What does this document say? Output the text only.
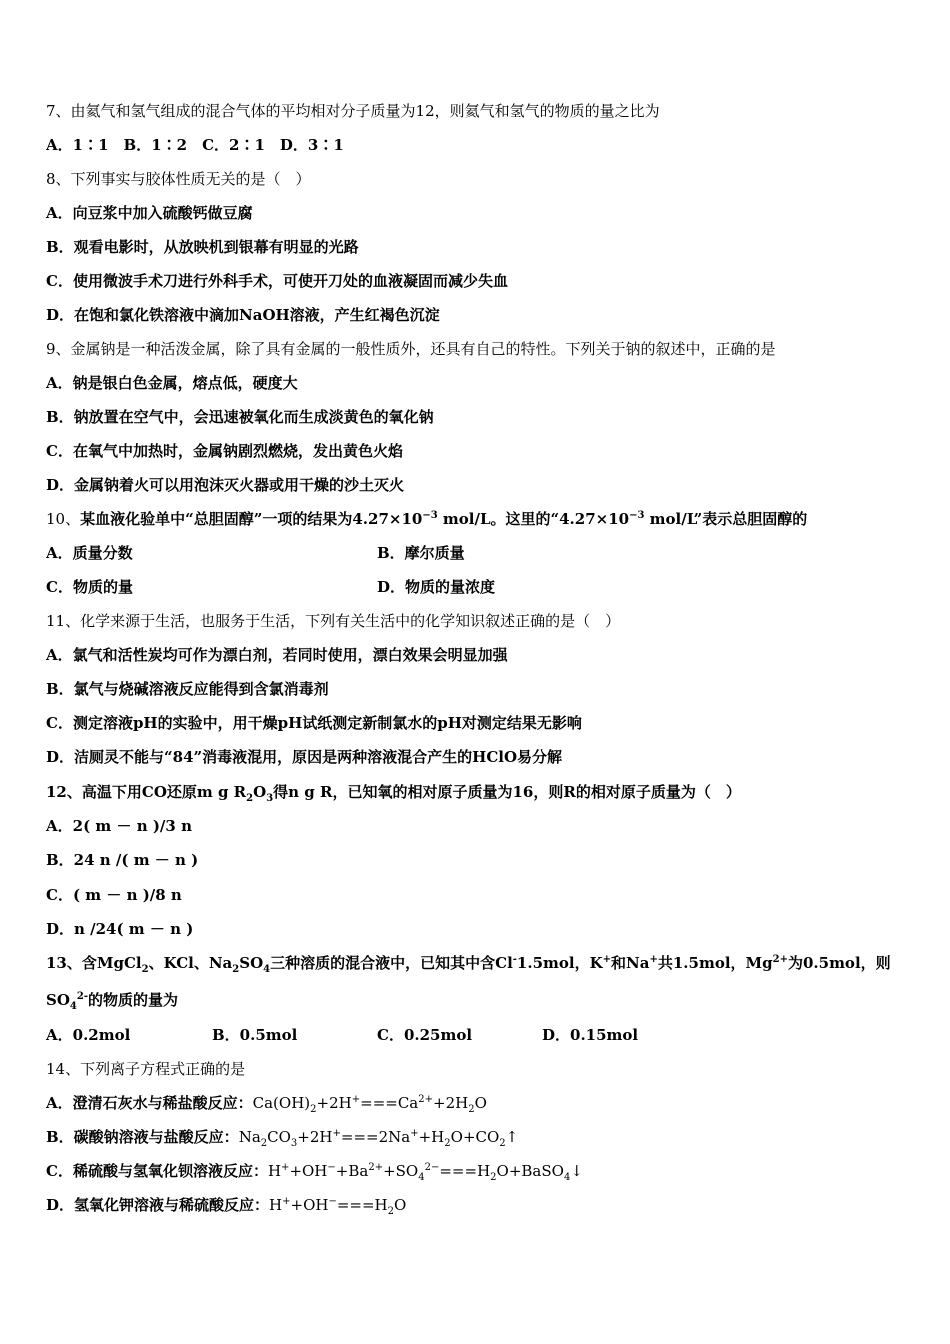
7、由氦气和氢气组成的混合气体的平均相对分子质量为12，则氦气和氢气的物质的量之比为
A．1∶1　B．1∶2　C．2∶1　D．3∶1
8、下列事实与胶体性质无关的是（　）
A．向豆浆中加入硫酸钙做豆腐
B．观看电影时，从放映机到银幕有明显的光路
C．使用微波手术刀进行外科手术，可使开刀处的血液凝固而减少失血
D．在饱和氯化铁溶液中滴加NaOH溶液，产生红褐色沉淀
9、金属钠是一种活泼金属，除了具有金属的一般性质外，还具有自己的特性。下列关于钠的叙述中，正确的是
A．钠是银白色金属，熔点低，硬度大
B．钠放置在空气中，会迅速被氧化而生成淡黄色的氧化钠
C．在氧气中加热时，金属钠剧烈燃烧，发出黄色火焰
D．金属钠着火可以用泡沫灭火器或用干燥的沙土灭火
10、某血液化验单中“总胆固醇”一项的结果为$4.27\times 10^{-3}$ mol/L。这里的“$4.27\times 10^{-3}$ mol/L”表示总胆固醇的
A．质量分数	B．摩尔质量
C．物质的量	D．物质的量浓度
11、化学来源于生活，也服务于生活，下列有关生活中的化学知识叙述正确的是（　）
A．氯气和活性炭均可作为漂白剂，若同时使用，漂白效果会明显加强
B．氯气与烧碱溶液反应能得到含氯消毒剂
C．测定溶液pH的实验中，用干燥pH试纸测定新制氯水的pH对测定结果无影响
D．洁厕灵不能与“84”消毒液混用，原因是两种溶液混合产生的HClO易分解
12、高温下用CO还原m g $R_2O_3$得n g R，已知氧的相对原子质量为16，则R的相对原子质量为（　）
A．2( m － n )/3 n
B．24 n /( m － n )
C．( m － n )/8 n
D．n /24( m － n )
13、含MgCl$_2$、KCl、$Na_2SO_4$三种溶质的混合液中，已知其中含Cl-1.5mol，K+和Na+共1.5mol，$Mg^{2+}$为0.5mol，则
$SO_4^{2-}$的物质的量为
A．0.2mol	B．0.5mol	C．0.25mol	D．0.15mol
14、下列离子方程式正确的是
A．澄清石灰水与稀盐酸反应：$Ca(OH)_2+2H^+===Ca^{2+}+2H_2O$
B．碳酸钠溶液与盐酸反应：$Na_2CO_3+2H^+===2Na^++H_2O+CO_2↑$
C．稀硫酸与氢氧化钡溶液反应：$H^++OH^-+Ba^{2+}+SO_4^{2-}===H_2O+BaSO_4↓$
D．氢氧化钾溶液与稀硫酸反应：$H^++OH^-===H_2O$
